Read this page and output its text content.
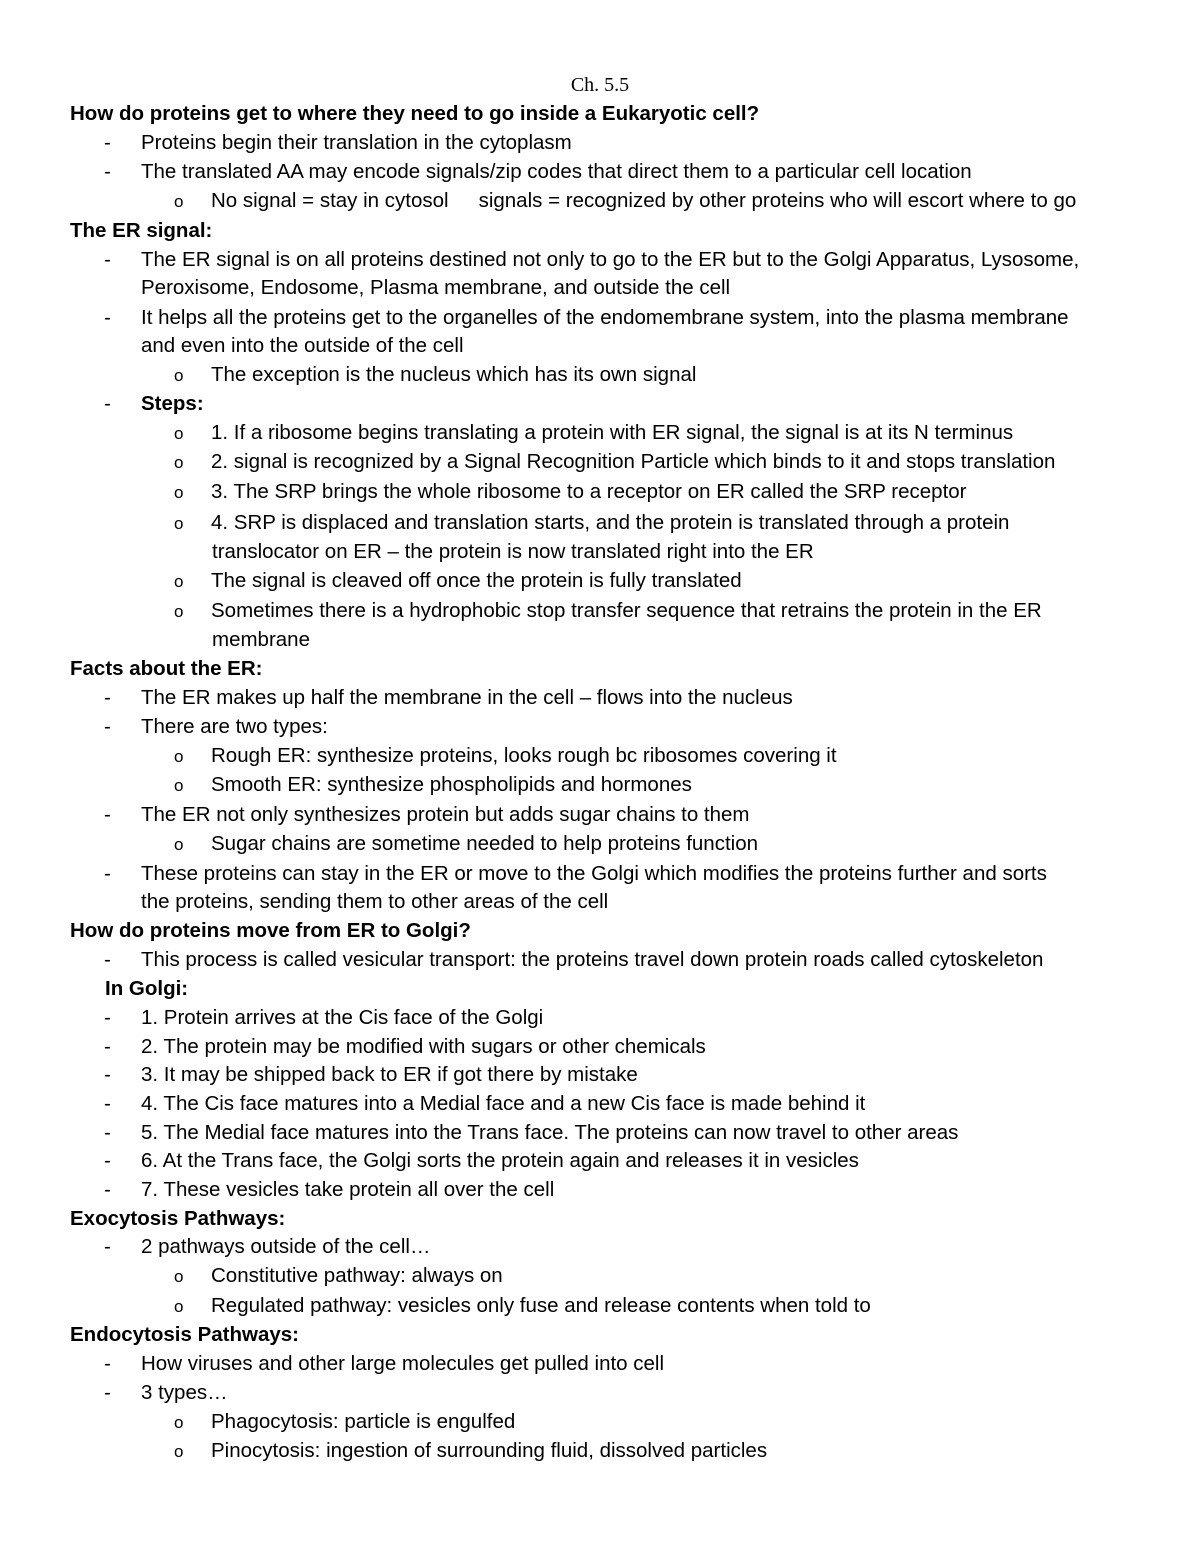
Ch. 5.5
How do proteins get to where they need to go inside a Eukaryotic cell?
- Proteins begin their translation in the cytoplasm
- The translated AA may encode signals/zip codes that direct them to a particular cell location
o No signal = stay in cytosol signals = recognized by other proteins who will escort where to go
The ER signal:
- The ER signal is on all proteins destined not only to go to the ER but to the Golgi Apparatus, Lysosome,
Peroxisome, Endosome, Plasma membrane, and outside the cell
- It helps all the proteins get to the organelles of the endomembrane system, into the plasma membrane
and even into the outside of the cell
o The exception is the nucleus which has its own signal
- Steps:
o 1. If a ribosome begins translating a protein with ER signal, the signal is at its N terminus
o 2. signal is recognized by a Signal Recognition Particle which binds to it and stops translation
o 3. The SRP brings the whole ribosome to a receptor on ER called the SRP receptor
o 4. SRP is displaced and translation starts, and the protein is translated through a protein
translocator on ER – the protein is now translated right into the ER
o The signal is cleaved off once the protein is fully translated
o Sometimes there is a hydrophobic stop transfer sequence that retrains the protein in the ER
membrane
Facts about the ER:
- The ER makes up half the membrane in the cell – flows into the nucleus
- There are two types:
o Rough ER: synthesize proteins, looks rough bc ribosomes covering it
o Smooth ER: synthesize phospholipids and hormones
- The ER not only synthesizes protein but adds sugar chains to them
o Sugar chains are sometime needed to help proteins function
- These proteins can stay in the ER or move to the Golgi which modifies the proteins further and sorts
the proteins, sending them to other areas of the cell
How do proteins move from ER to Golgi?
- This process is called vesicular transport: the proteins travel down protein roads called cytoskeleton
In Golgi:
- 1. Protein arrives at the Cis face of the Golgi
- 2. The protein may be modified with sugars or other chemicals
- 3. It may be shipped back to ER if got there by mistake
- 4. The Cis face matures into a Medial face and a new Cis face is made behind it
- 5. The Medial face matures into the Trans face. The proteins can now travel to other areas
- 6. At the Trans face, the Golgi sorts the protein again and releases it in vesicles
- 7. These vesicles take protein all over the cell
Exocytosis Pathways:
- 2 pathways outside of the cell…
o Constitutive pathway: always on
o Regulated pathway: vesicles only fuse and release contents when told to
Endocytosis Pathways:
- How viruses and other large molecules get pulled into cell
- 3 types…
o Phagocytosis: particle is engulfed
o Pinocytosis: ingestion of surrounding fluid, dissolved particles
